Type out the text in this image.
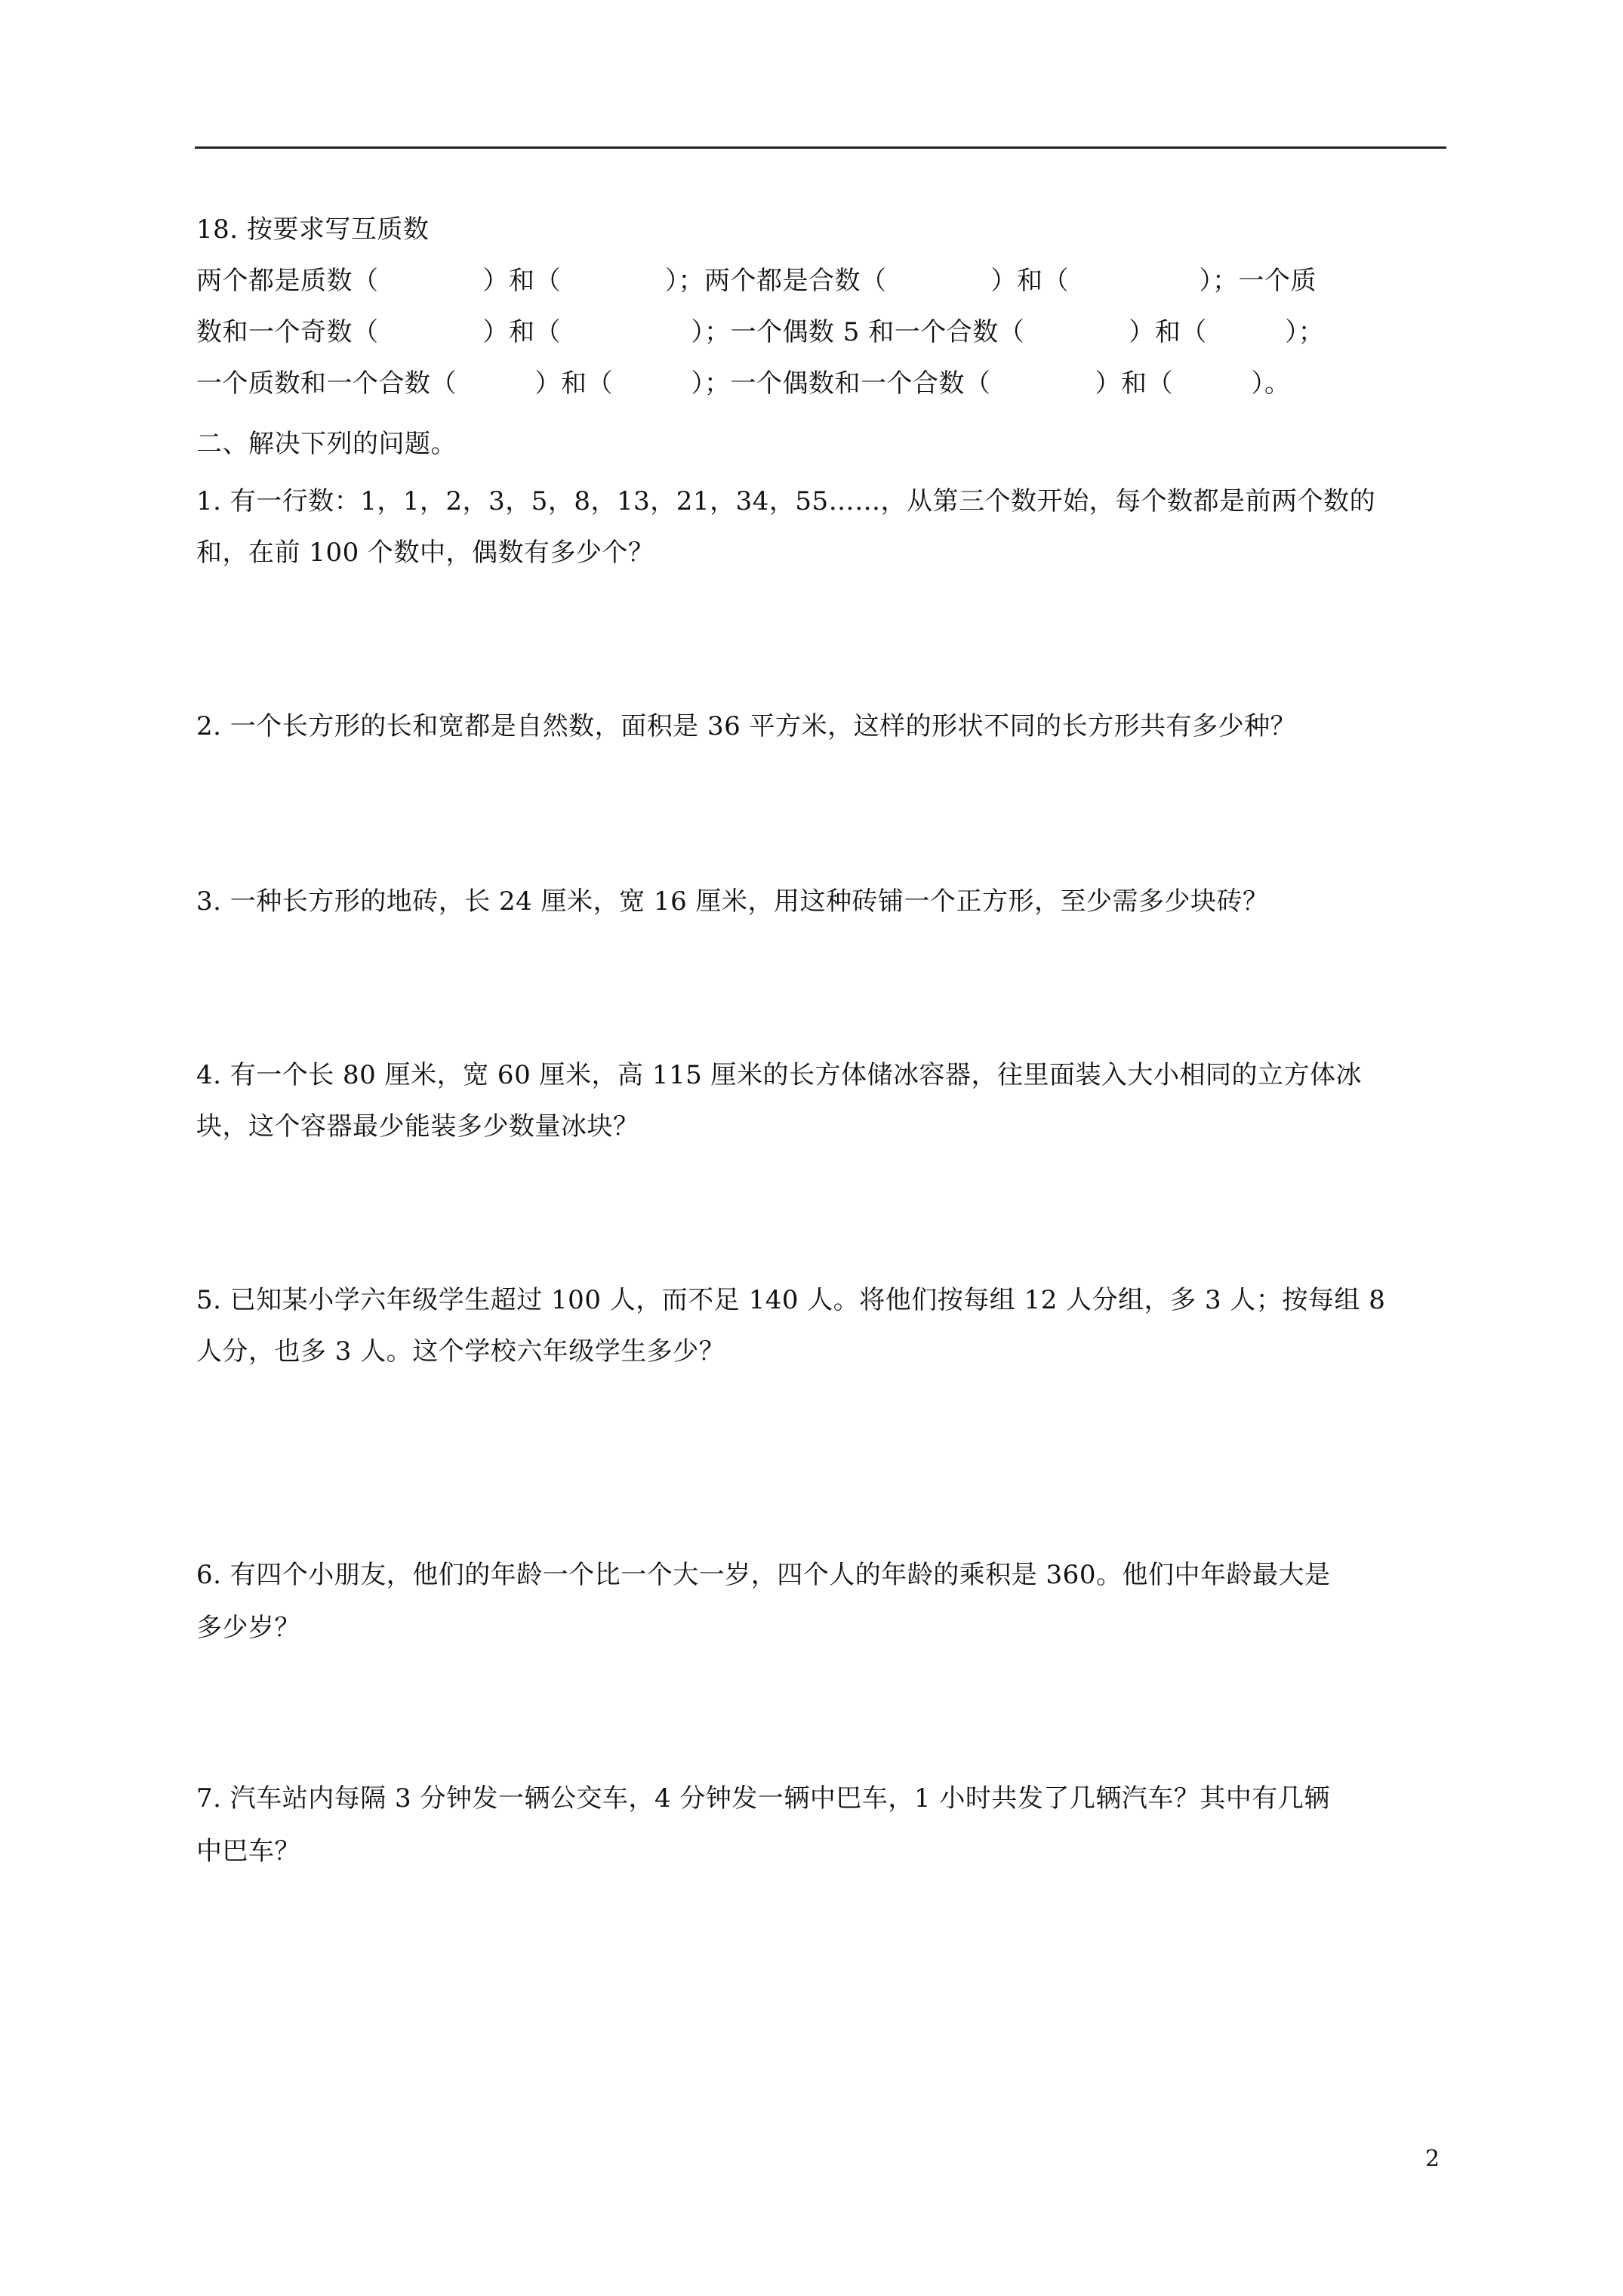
18. 按要求写互质数

两个都是质数（　　　　）和（　　　　）；两个都是合数（　　　　）和（　　　　　）；一个质

数和一个奇数（　　　　）和（　　　　　）；一个偶数 5 和一个合数（　　　　）和（　　　）；

一个质数和一个合数（　　　）和（　　　）；一个偶数和一个合数（　　　　）和（　　　）。

二、解决下列的问题。

1. 有一行数：1，1，2，3，5，8，13，21，34，55……，从第三个数开始，每个数都是前两个数的

和，在前 100 个数中，偶数有多少个？

2. 一个长方形的长和宽都是自然数，面积是 36 平方米，这样的形状不同的长方形共有多少种？

3. 一种长方形的地砖，长 24 厘米，宽 16 厘米，用这种砖铺一个正方形，至少需多少块砖？

4. 有一个长 80 厘米，宽 60 厘米，高 115 厘米的长方体储冰容器，往里面装入大小相同的立方体冰

块，这个容器最少能装多少数量冰块？

5. 已知某小学六年级学生超过 100 人，而不足 140 人。将他们按每组 12 人分组，多 3 人；按每组 8

人分，也多 3 人。这个学校六年级学生多少？

6. 有四个小朋友，他们的年龄一个比一个大一岁，四个人的年龄的乘积是 360。他们中年龄最大是

多少岁？

7. 汽车站内每隔 3 分钟发一辆公交车，4 分钟发一辆中巴车，1 小时共发了几辆汽车？其中有几辆

中巴车？

2
